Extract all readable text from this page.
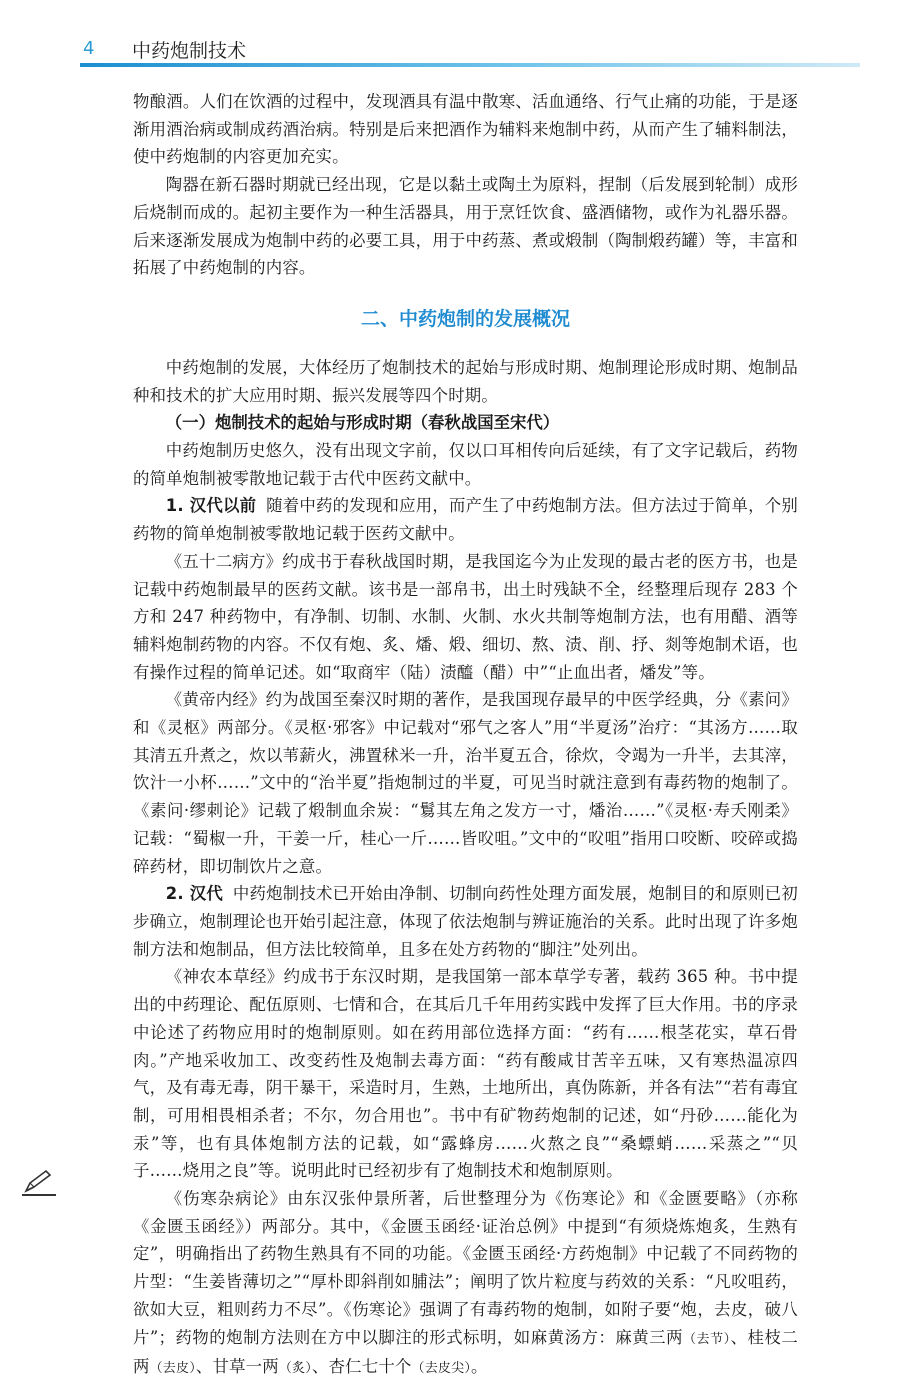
4 中药炮制技术

物酿酒。人们在饮酒的过程中，发现酒具有温中散寒、活血通络、行气止痛的功能，于是逐渐用酒治病或制成药酒治病。特别是后来把酒作为辅料来炮制中药，从而产生了辅料制法，使中药炮制的内容更加充实。

陶器在新石器时期就已经出现，它是以黏土或陶土为原料，捏制（后发展到轮制）成形后烧制而成的。起初主要作为一种生活器具，用于烹饪饮食、盛酒储物，或作为礼器乐器。后来逐渐发展成为炮制中药的必要工具，用于中药蒸、煮或煅制（陶制煅药罐）等，丰富和拓展了中药炮制的内容。

二、中药炮制的发展概况

中药炮制的发展，大体经历了炮制技术的起始与形成时期、炮制理论形成时期、炮制品种和技术的扩大应用时期、振兴发展等四个时期。

（一）炮制技术的起始与形成时期（春秋战国至宋代）

中药炮制历史悠久，没有出现文字前，仅以口耳相传向后延续，有了文字记载后，药物的简单炮制被零散地记载于古代中医药文献中。

1. 汉代以前 随着中药的发现和应用，而产生了中药炮制方法。但方法过于简单，个别药物的简单炮制被零散地记载于医药文献中。

《五十二病方》约成书于春秋战国时期，是我国迄今为止发现的最古老的医方书，也是记载中药炮制最早的医药文献。该书是一部帛书，出土时残缺不全，经整理后现存 283 个方和 247 种药物中，有净制、切制、水制、火制、水火共制等炮制方法，也有用醋、酒等辅料炮制药物的内容。不仅有炮、炙、燔、煅、细切、熬、渍、削、抒、剡等炮制术语，也有操作过程的简单记述。如“取商牢（陆）渍醯（醋）中”“止血出者，燔发”等。

《黄帝内经》约为战国至秦汉时期的著作，是我国现存最早的中医学经典，分《素问》和《灵枢》两部分。《灵枢·邪客》中记载对“邪气之客人”用“半夏汤”治疗：“其汤方……取其清五升煮之，炊以苇薪火，沸置秫米一升，治半夏五合，徐炊，令竭为一升半，去其滓，饮汁一小杯……”文中的“治半夏”指炮制过的半夏，可见当时就注意到有毒药物的炮制了。《素问·缪刺论》记载了煅制血余炭：“鬄其左角之发方一寸，燔治……”《灵枢·寿夭刚柔》记载：“蜀椒一升，干姜一斤，桂心一斤……皆㕮咀。”文中的“㕮咀”指用口咬断、咬碎或捣碎药材，即切制饮片之意。

2. 汉代 中药炮制技术已开始由净制、切制向药性处理方面发展，炮制目的和原则已初步确立，炮制理论也开始引起注意，体现了依法炮制与辨证施治的关系。此时出现了许多炮制方法和炮制品，但方法比较简单，且多在处方药物的“脚注”处列出。

《神农本草经》约成书于东汉时期，是我国第一部本草学专著，载药 365 种。书中提出的中药理论、配伍原则、七情和合，在其后几千年用药实践中发挥了巨大作用。书的序录中论述了药物应用时的炮制原则。如在药用部位选择方面：“药有……根茎花实，草石骨肉。”产地采收加工、改变药性及炮制去毒方面：“药有酸咸甘苦辛五味，又有寒热温凉四气，及有毒无毒，阴干暴干，采造时月，生熟，土地所出，真伪陈新，并各有法”“若有毒宜制，可用相畏相杀者；不尔，勿合用也”。书中有矿物药炮制的记述，如“丹砂……能化为汞”等，也有具体炮制方法的记载，如“露蜂房……火熬之良”“桑螵蛸……采蒸之”“贝子……烧用之良”等。说明此时已经初步有了炮制技术和炮制原则。

《伤寒杂病论》由东汉张仲景所著，后世整理分为《伤寒论》和《金匮要略》（亦称《金匮玉函经》）两部分。其中，《金匮玉函经·证治总例》中提到“有须烧炼炮炙，生熟有定”，明确指出了药物生熟具有不同的功能。《金匮玉函经·方药炮制》中记载了不同药物的片型：“生姜皆薄切之”“厚朴即斜削如脯法”；阐明了饮片粒度与药效的关系：“凡㕮咀药，欲如大豆，粗则药力不尽”。《伤寒论》强调了有毒药物的炮制，如附子要“炮，去皮，破八片”；药物的炮制方法则在方中以脚注的形式标明，如麻黄汤方：麻黄三两（去节）、桂枝二两（去皮）、甘草一两（炙）、杏仁七十个（去皮尖）。
